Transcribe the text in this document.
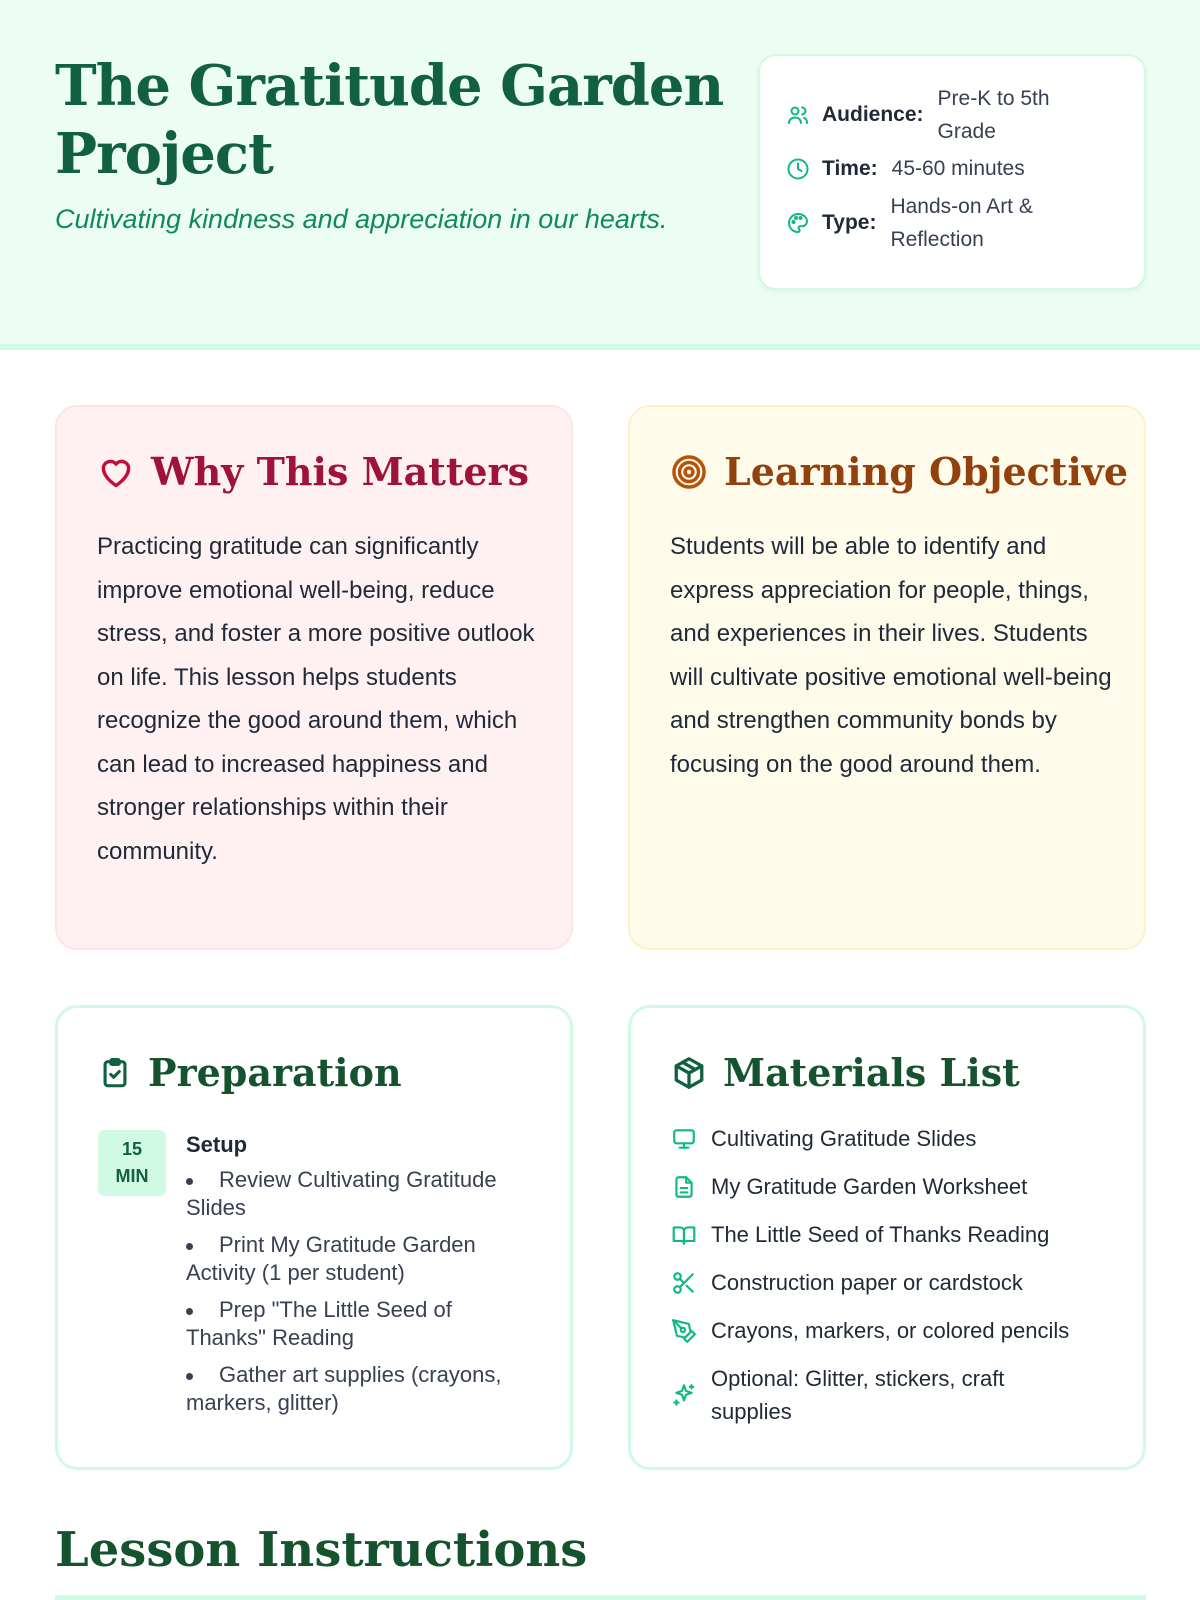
The Gratitude Garden Project

Cultivating kindness and appreciation in our hearts.

Audience:
Pre-K to 5th Grade
Time: 45-60 minutes
Type:
Hands-on Art & Reflection
Why This Matters

Practicing gratitude can significantly improve emotional well-being, reduce stress, and foster a more positive outlook on life. This lesson helps students recognize the good around them, which can lead to increased happiness and stronger relationships within their community.

Learning Objective

Students will be able to identify and express appreciation for people, things, and experiences in their lives. Students will cultivate positive emotional well-being and strengthen community bonds by focusing on the good around them.

Preparation
15
MIN
Setup
Review Cultivating Gratitude Slides
Print My Gratitude Garden Activity (1 per student)
Prep "The Little Seed of Thanks" Reading
Gather art supplies (crayons, markers, glitter)
Materials List
Cultivating Gratitude Slides
My Gratitude Garden Worksheet
The Little Seed of Thanks Reading
Construction paper or cardstock
Crayons, markers, or colored pencils
Optional: Glitter, stickers, craft supplies
Lesson Instructions
